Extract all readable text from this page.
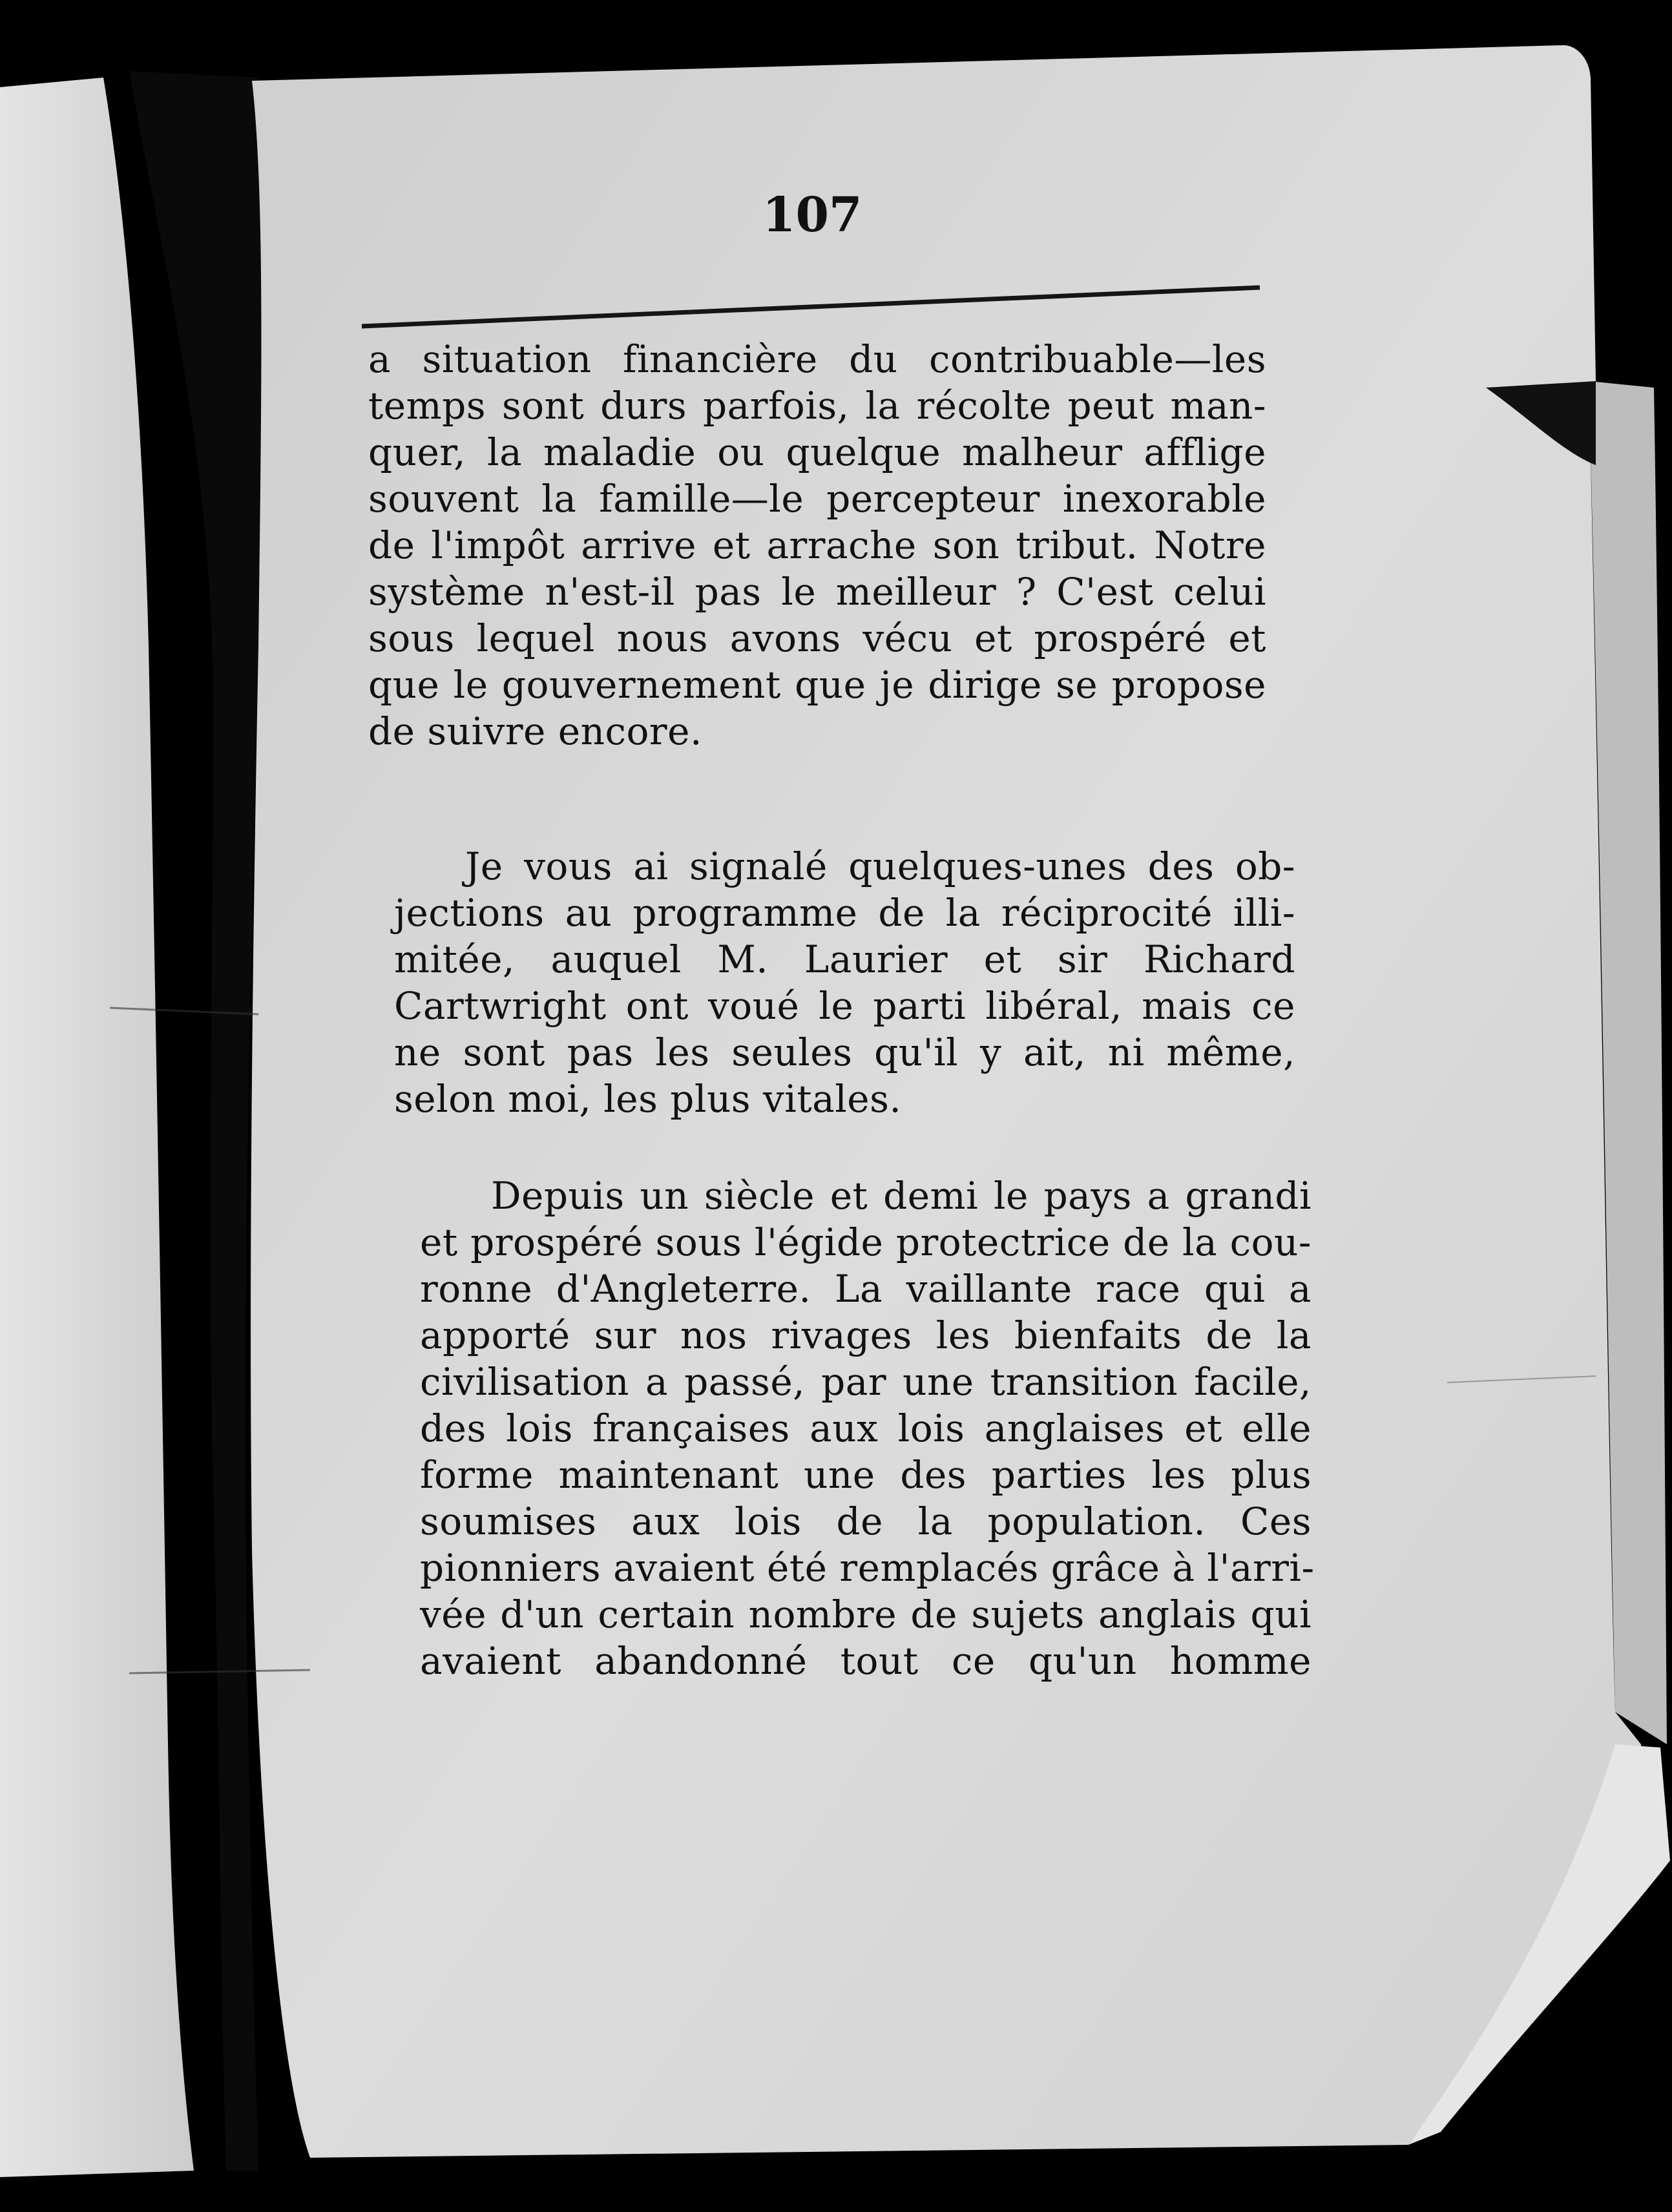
107

a situation financière du contribuable—les
temps sont durs parfois, la récolte peut man-
quer, la maladie ou quelque malheur afflige
souvent la famille—le percepteur inexorable
de l'impôt arrive et arrache son tribut. Notre
système n'est-il pas le meilleur ? C'est celui
sous lequel nous avons vécu et prospéré et
que le gouvernement que je dirige se propose
de suivre encore.

Je vous ai signalé quelques-unes des ob-
jections au programme de la réciprocité illi-
mitée, auquel M. Laurier et sir Richard
Cartwright ont voué le parti libéral, mais ce
ne sont pas les seules qu'il y ait, ni même,
selon moi, les plus vitales.

Depuis un siècle et demi le pays a grandi
et prospéré sous l'égide protectrice de la cou-
ronne d'Angleterre. La vaillante race qui a
apporté sur nos rivages les bienfaits de la
civilisation a passé, par une transition facile,
des lois françaises aux lois anglaises et elle
forme maintenant une des parties les plus
soumises aux lois de la population. Ces
pionniers avaient été remplacés grâce à l'arri-
vée d'un certain nombre de sujets anglais qui
avaient abandonné tout ce qu'un homme
